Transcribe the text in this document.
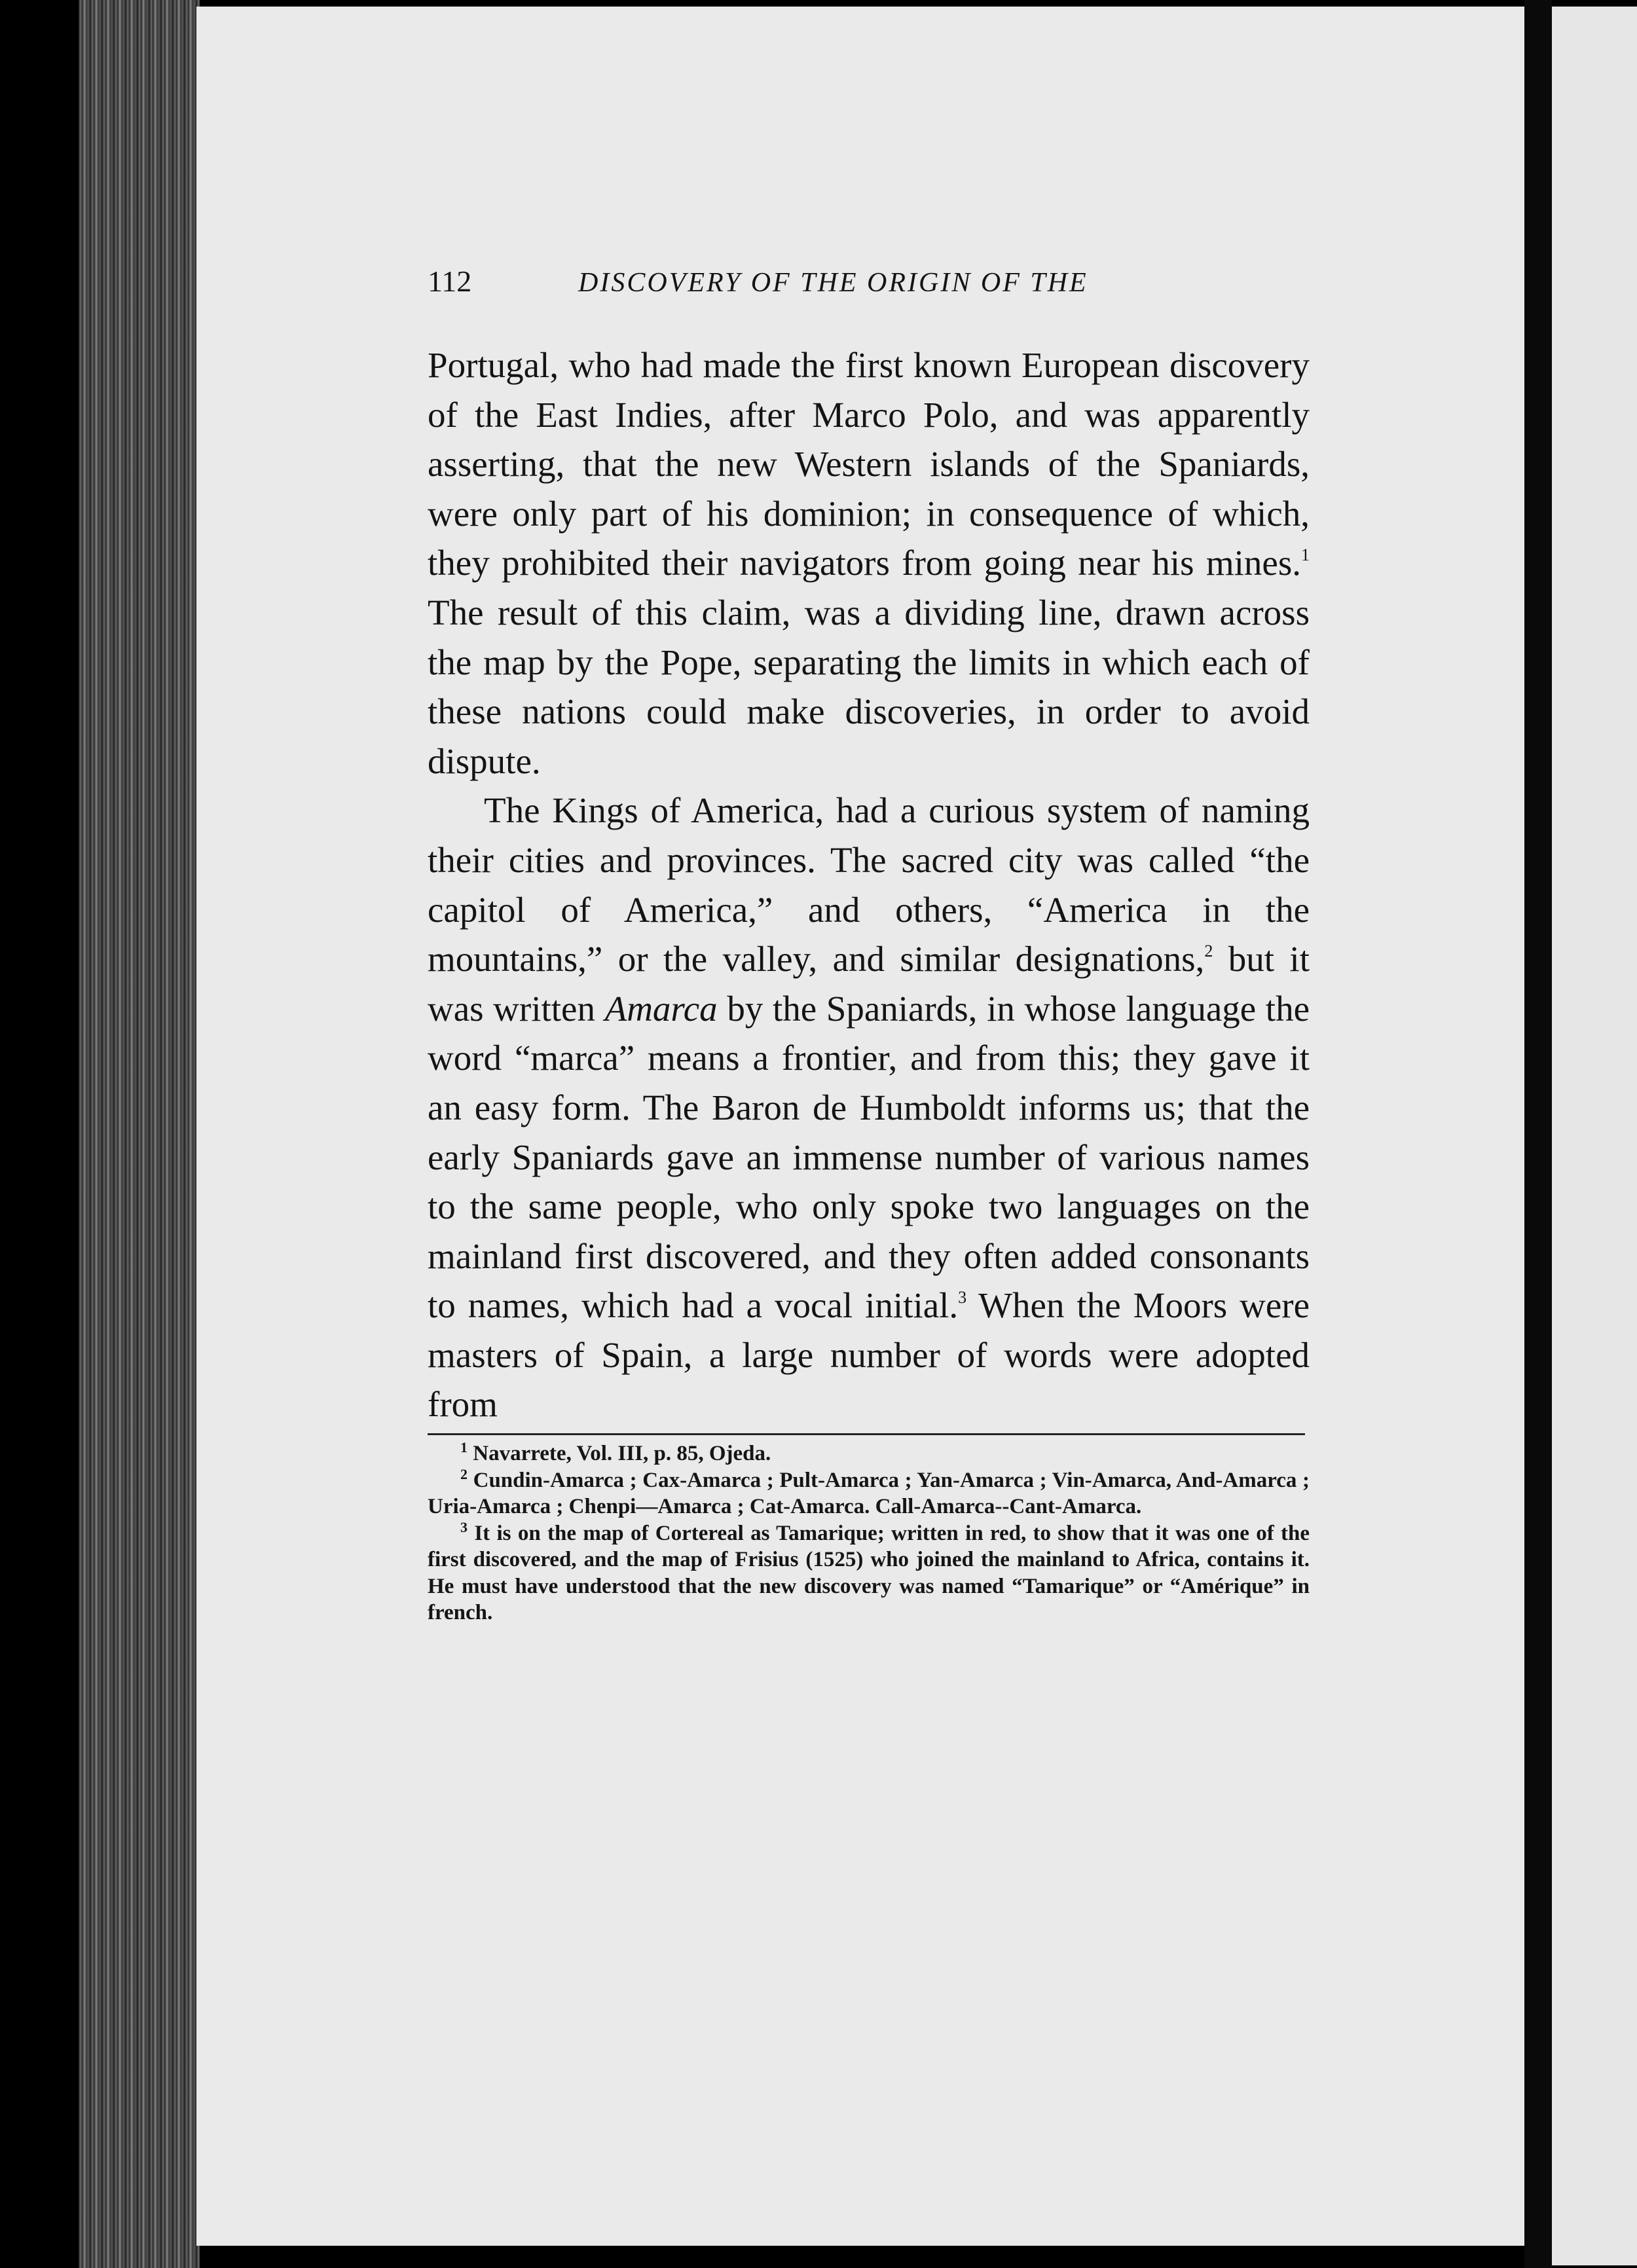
112	DISCOVERY OF THE ORIGIN OF THE

Portugal, who had made the first known European discovery of the East Indies, after Marco Polo, and was apparently asserting, that the new Western islands of the Spaniards, were only part of his dominion; in consequence of which, they prohibited their navigators from going near his mines.$^1$ The result of this claim, was a dividing line, drawn across the map by the Pope, separating the limits in which each of these nations could make discoveries, in order to avoid dispute.

The Kings of America, had a curious system of naming their cities and provinces. The sacred city was called “the capitol of America,” and others, “America in the mountains,” or the valley, and similar designations,$^2$ but it was written Amarca by the Spaniards, in whose language the word “marca” means a frontier, and from this; they gave it an easy form. The Baron de Humboldt informs us; that the early Spaniards gave an immense number of various names to the same people, who only spoke two languages on the mainland first discovered, and they often added consonants to names, which had a vocal initial.$^3$ When the Moors were masters of Spain, a large number of words were adopted from

$^1$ Navarrete, Vol. III, p. 85, Ojeda.

$^2$ Cundin-Amarca ; Cax-Amarca ; Pult-Amarca ; Yan-Amarca ; Vin-Amarca, And-Amarca ; Uria-Amarca ; Chenpi—Amarca ; Cat-Amarca. Call-Amarca--Cant-Amarca.

$^3$ It is on the map of Cortereal as Tamarique; written in red, to show that it was one of the first discovered, and the map of Frisius (1525) who joined the mainland to Africa, contains it. He must have understood that the new discovery was named “Tamarique” or “Amérique” in french.
